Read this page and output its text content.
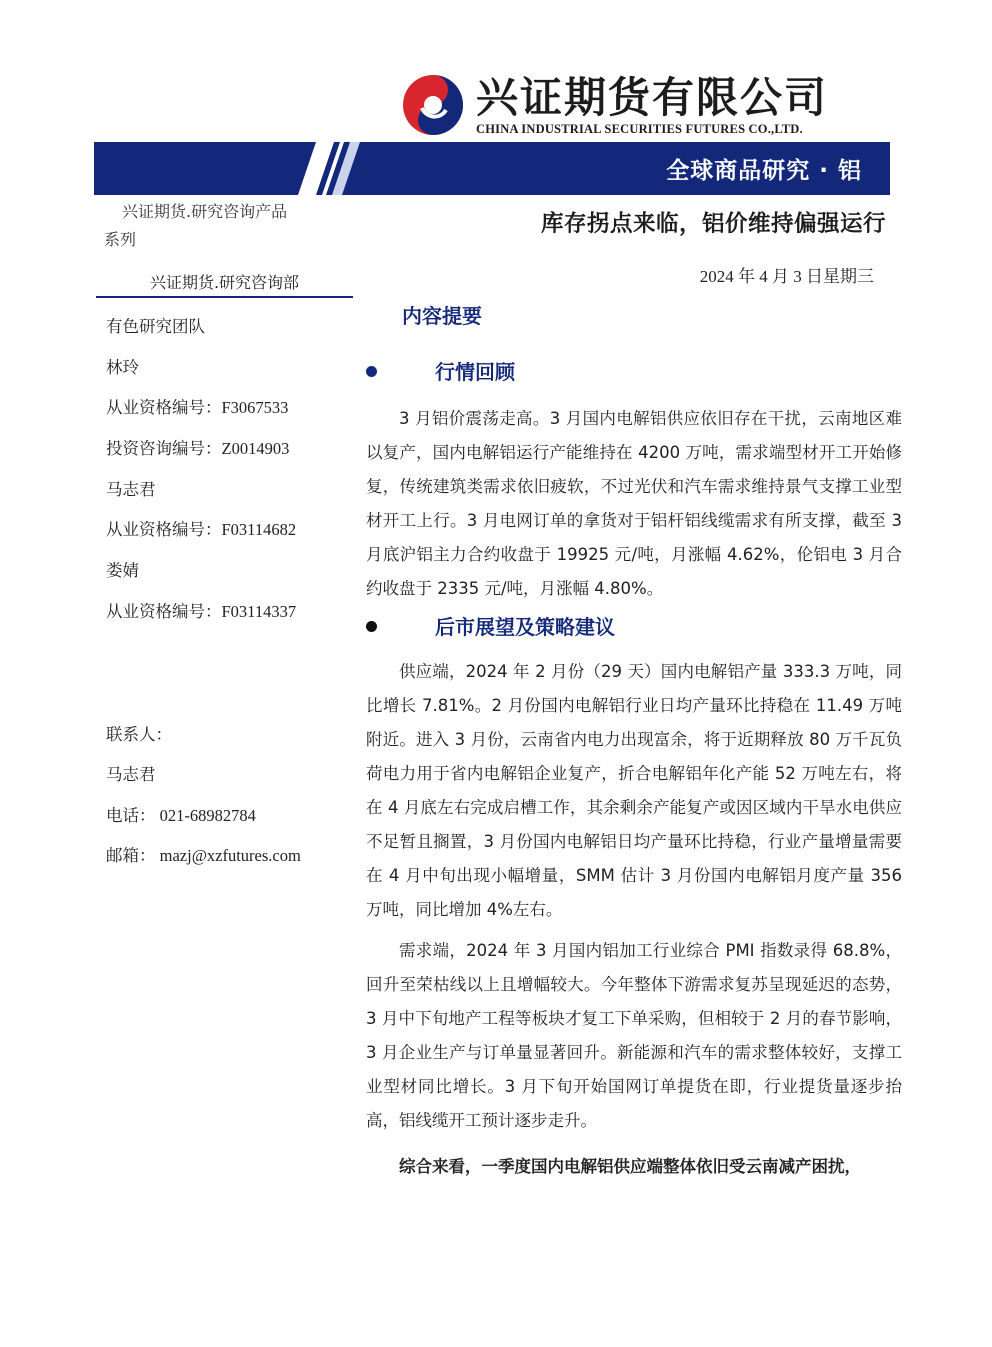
兴证期货有限公司
CHINA INDUSTRIAL SECURITIES FUTURES CO.,LTD.
全球商品研究 · 铝
兴证期货.研究咨询产品
系列
库存拐点来临，铝价维持偏强运行
2024 年 4 月 3 日星期三
兴证期货.研究咨询部
有色研究团队
林玲
从业资格编号：F3067533
投资咨询编号：Z0014903
马志君
从业资格编号：F03114682
娄婧
从业资格编号：F03114337
联系人：
马志君
电话： 021-68982784
邮箱： mazj@xzfutures.com
内容提要
行情回顾
3 月铝价震荡走高。3 月国内电解铝供应依旧存在干扰，云南地区难以复产，国内电解铝运行产能维持在 4200 万吨，需求端型材开工开始修复，传统建筑类需求依旧疲软，不过光伏和汽车需求维持景气支撑工业型材开工上行。3 月电网订单的拿货对于铝杆铝线缆需求有所支撑，截至 3 月底沪铝主力合约收盘于 19925 元/吨，月涨幅 4.62%，伦铝电 3 月合约收盘于 2335 元/吨，月涨幅 4.80%。
后市展望及策略建议
供应端，2024 年 2 月份（29 天）国内电解铝产量 333.3 万吨，同比增长 7.81%。2 月份国内电解铝行业日均产量环比持稳在 11.49 万吨附近。进入 3 月份，云南省内电力出现富余，将于近期释放 80 万千瓦负荷电力用于省内电解铝企业复产，折合电解铝年化产能 52 万吨左右，将在 4 月底左右完成启槽工作，其余剩余产能复产或因区域内干旱水电供应不足暂且搁置，3 月份国内电解铝日均产量环比持稳，行业产量增量需要在 4 月中旬出现小幅增量，SMM 估计 3 月份国内电解铝月度产量 356 万吨，同比增加 4%左右。
需求端，2024 年 3 月国内铝加工行业综合 PMI 指数录得 68.8%，回升至荣枯线以上且增幅较大。今年整体下游需求复苏呈现延迟的态势，3 月中下旬地产工程等板块才复工下单采购，但相较于 2 月的春节影响，3 月企业生产与订单量显著回升。新能源和汽车的需求整体较好，支撑工业型材同比增长。3 月下旬开始国网订单提货在即，行业提货量逐步抬高，铝线缆开工预计逐步走升。
综合来看，一季度国内电解铝供应端整体依旧受云南减产困扰，
